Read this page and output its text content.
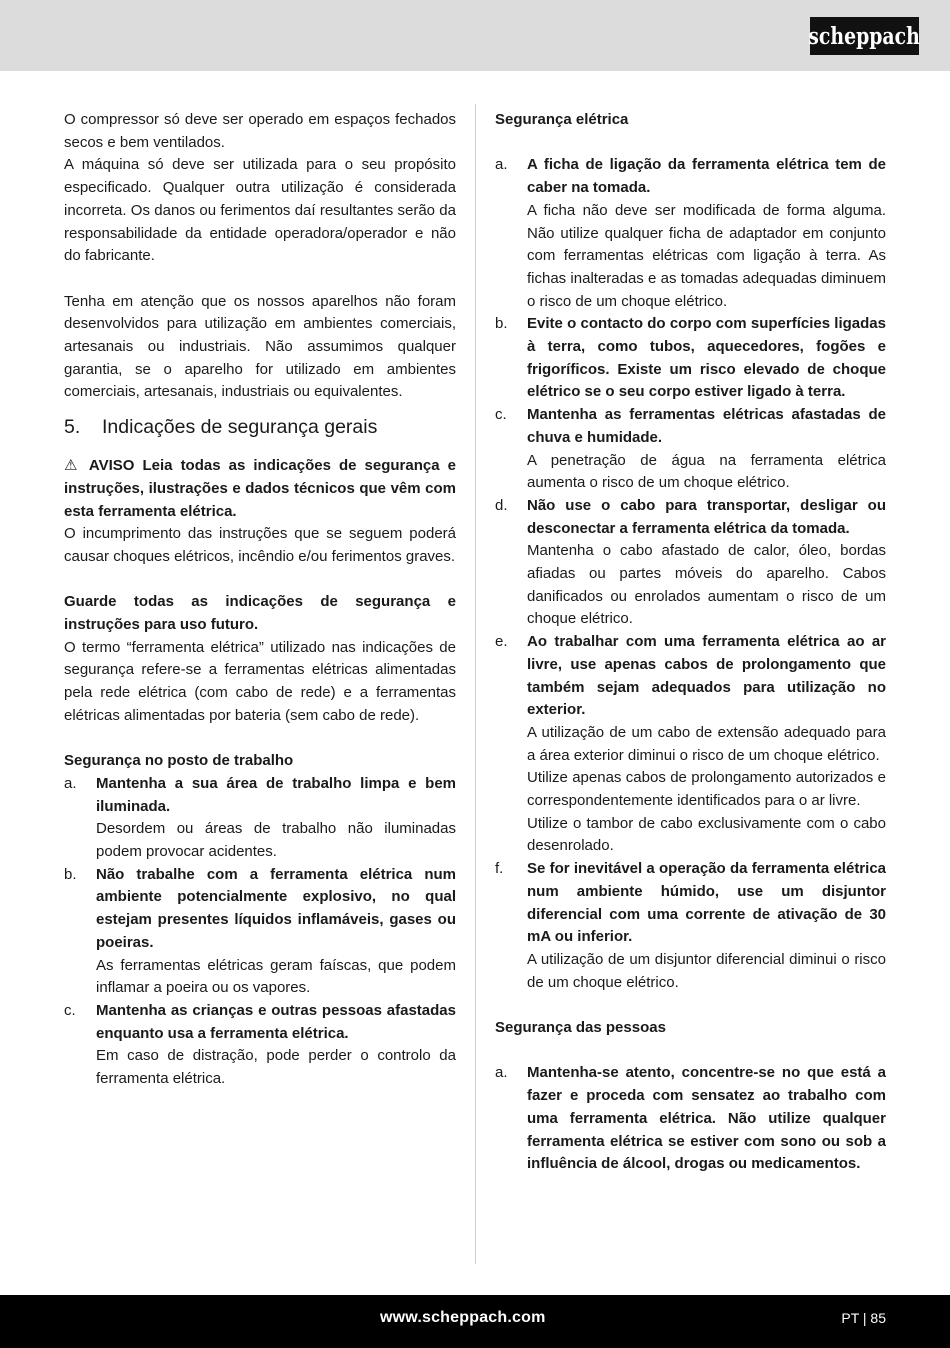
scheppach

O compressor só deve ser operado em espaços fechados secos e bem ventilados.

A máquina só deve ser utilizada para o seu propósito especificado. Qualquer outra utilização é considerada incorreta. Os danos ou ferimentos daí resultantes serão da responsabilidade da entidade operadora/operador e não do fabricante.

Tenha em atenção que os nossos aparelhos não foram desenvolvidos para utilização em ambientes comerciais, artesanais ou industriais. Não assumimos qualquer garantia, se o aparelho for utilizado em ambientes comerciais, artesanais, industriais ou equivalentes.

5.	Indicações de segurança gerais

⚠ AVISO Leia todas as indicações de segurança e instruções, ilustrações e dados técnicos que vêm com esta ferramenta elétrica.

O incumprimento das instruções que se seguem poderá causar choques elétricos, incêndio e/ou ferimentos graves.

Guarde todas as indicações de segurança e instruções para uso futuro.

O termo “ferramenta elétrica” utilizado nas indicações de segurança refere-se a ferramentas elétricas alimentadas pela rede elétrica (com cabo de rede) e a ferramentas elétricas alimentadas por bateria (sem cabo de rede).

Segurança no posto de trabalho

a.	Mantenha a sua área de trabalho limpa e bem iluminada.

Desordem ou áreas de trabalho não iluminadas podem provocar acidentes.

b.	Não trabalhe com a ferramenta elétrica num ambiente potencialmente explosivo, no qual estejam presentes líquidos inflamáveis, gases ou poeiras.

As ferramentas elétricas geram faíscas, que podem inflamar a poeira ou os vapores.

c.	Mantenha as crianças e outras pessoas afastadas enquanto usa a ferramenta elétrica.

Em caso de distração, pode perder o controlo da ferramenta elétrica.

Segurança elétrica

a.	A ficha de ligação da ferramenta elétrica tem de caber na tomada.

A ficha não deve ser modificada de forma alguma. Não utilize qualquer ficha de adaptador em conjunto com ferramentas elétricas com ligação à terra. As fichas inalteradas e as tomadas adequadas diminuem o risco de um choque elétrico.

b.	Evite o contacto do corpo com superfícies ligadas à terra, como tubos, aquecedores, fogões e frigoríficos. Existe um risco elevado de choque elétrico se o seu corpo estiver ligado à terra.

c.	Mantenha as ferramentas elétricas afastadas de chuva e humidade.

A penetração de água na ferramenta elétrica aumenta o risco de um choque elétrico.

d.	Não use o cabo para transportar, desligar ou desconectar a ferramenta elétrica da tomada.

Mantenha o cabo afastado de calor, óleo, bordas afiadas ou partes móveis do aparelho. Cabos danificados ou enrolados aumentam o risco de um choque elétrico.

e.	Ao trabalhar com uma ferramenta elétrica ao ar livre, use apenas cabos de prolongamento que também sejam adequados para utilização no exterior.

A utilização de um cabo de extensão adequado para a área exterior diminui o risco de um choque elétrico.

Utilize apenas cabos de prolongamento autorizados e correspondentemente identificados para o ar livre.

Utilize o tambor de cabo exclusivamente com o cabo desenrolado.

f.	Se for inevitável a operação da ferramenta elétrica num ambiente húmido, use um disjuntor diferencial com uma corrente de ativação de 30 mA ou inferior.

A utilização de um disjuntor diferencial diminui o risco de um choque elétrico.

Segurança das pessoas

a.	Mantenha-se atento, concentre-se no que está a fazer e proceda com sensatez ao trabalho com uma ferramenta elétrica. Não utilize qualquer ferramenta elétrica se estiver com sono ou sob a influência de álcool, drogas ou medicamentos.

www.scheppach.com	PT | 85
